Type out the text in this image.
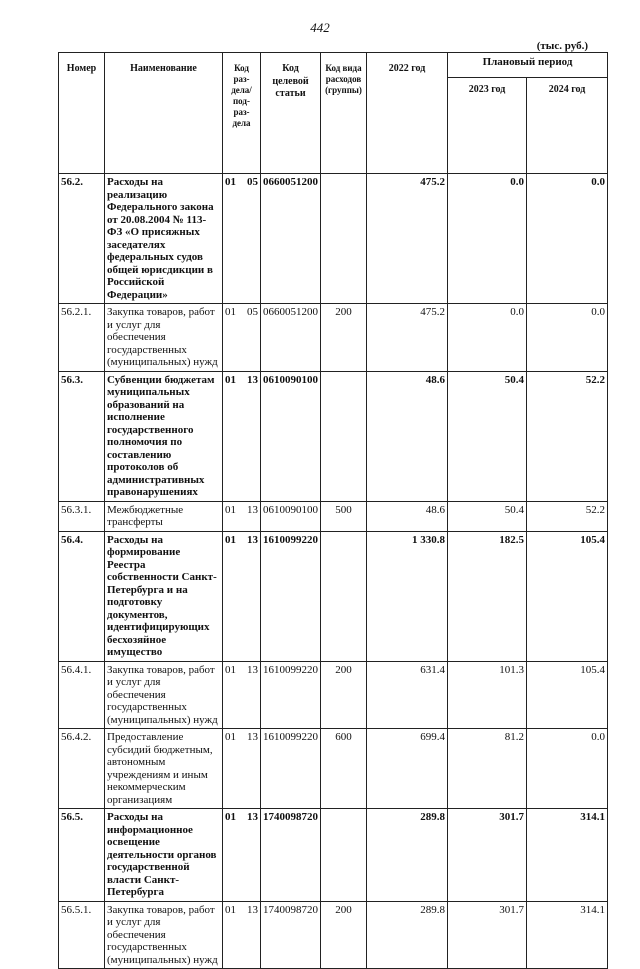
442
(тыс. руб.)
Номер	Наименование	Код раз-дела/ под-раз-дела	Код целевой статьи	Код вида расходов (группы)	2022 год	Плановый период	
						2023 год	2024 год
56.2.	Расходы на реализацию Федерального закона от 20.08.2004 № 113-ФЗ «О присяжных заседателях федеральных судов общей юрисдикции в Российской Федерации»	01 05	0660051200		475.2	0.0	0.0
56.2.1.	Закупка товаров, работ и услуг для обеспечения государственных (муниципальных) нужд	01 05	0660051200	200	475.2	0.0	0.0
56.3.	Субвенции бюджетам муниципальных образований на исполнение государственного полномочия по составлению протоколов об административных правонарушениях	01 13	0610090100		48.6	50.4	52.2
56.3.1.	Межбюджетные трансферты	01 13	0610090100	500	48.6	50.4	52.2
56.4.	Расходы на формирование Реестра собственности Санкт-Петербурга и на подготовку документов, идентифицирующих бесхозяйное имущество	01 13	1610099220		1 330.8	182.5	105.4
56.4.1.	Закупка товаров, работ и услуг для обеспечения государственных (муниципальных) нужд	01 13	1610099220	200	631.4	101.3	105.4
56.4.2.	Предоставление субсидий бюджетным, автономным учреждениям и иным некоммерческим организациям	01 13	1610099220	600	699.4	81.2	0.0
56.5.	Расходы на информационное освещение деятельности органов государственной власти Санкт-Петербурга	01 13	1740098720		289.8	301.7	314.1
56.5.1.	Закупка товаров, работ и услуг для обеспечения государственных (муниципальных) нужд	01 13	1740098720	200	289.8	301.7	314.1
